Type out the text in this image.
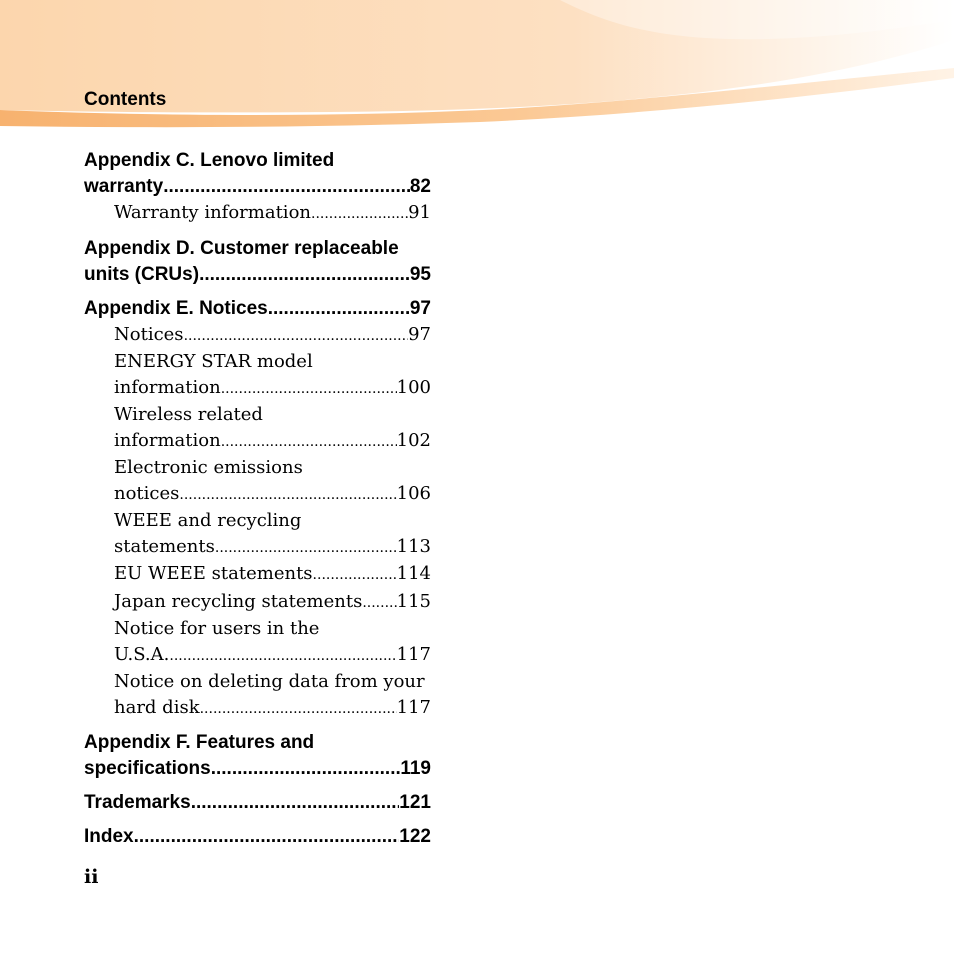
Contents
Appendix C. Lenovo limited
warranty .....	82
Warranty information .....	91
Appendix D. Customer replaceable
units (CRUs) .....	95
Appendix E. Notices .....	97
Notices .....	97
ENERGY STAR model
information .....	100
Wireless related
information .....	102
Electronic emissions
notices .....	106
WEEE and recycling
statements .....	113
EU WEEE statements .....	114
Japan recycling statements ..... 115
Notice for users in the
U.S.A. .....	117
Notice on deleting data from your
hard disk .....	117
Appendix F. Features and
specifications .....	119
Trademarks .....	121
Index .....	122
ii
